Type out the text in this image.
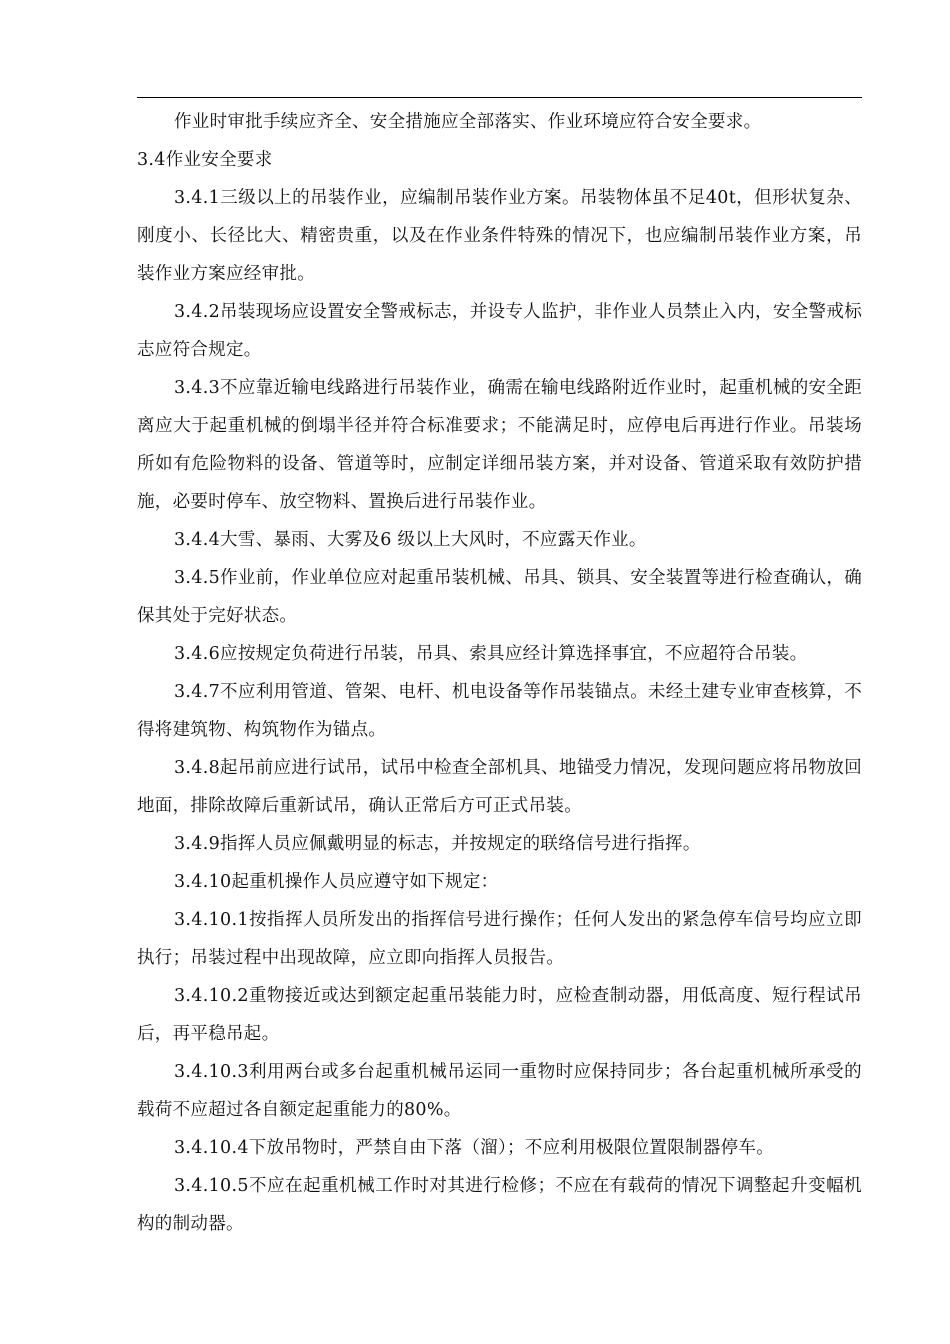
作业时审批手续应齐全、安全措施应全部落实、作业环境应符合安全要求。

3.4作业安全要求

3.4.1三级以上的吊装作业，应编制吊装作业方案。吊装物体虽不足40t，但形状复杂、刚度小、长径比大、精密贵重，以及在作业条件特殊的情况下，也应编制吊装作业方案，吊装作业方案应经审批。

3.4.2吊装现场应设置安全警戒标志，并设专人监护，非作业人员禁止入内，安全警戒标志应符合规定。

3.4.3不应靠近输电线路进行吊装作业，确需在输电线路附近作业时，起重机械的安全距离应大于起重机械的倒塌半径并符合标准要求；不能满足时，应停电后再进行作业。吊装场所如有危险物料的设备、管道等时，应制定详细吊装方案，并对设备、管道采取有效防护措施，必要时停车、放空物料、置换后进行吊装作业。

3.4.4大雪、暴雨、大雾及6 级以上大风时，不应露天作业。

3.4.5作业前，作业单位应对起重吊装机械、吊具、锁具、安全装置等进行检查确认，确保其处于完好状态。

3.4.6应按规定负荷进行吊装，吊具、索具应经计算选择事宜，不应超符合吊装。

3.4.7不应利用管道、管架、电杆、机电设备等作吊装锚点。未经土建专业审查核算，不得将建筑物、构筑物作为锚点。

3.4.8起吊前应进行试吊，试吊中检查全部机具、地锚受力情况，发现问题应将吊物放回地面，排除故障后重新试吊，确认正常后方可正式吊装。

3.4.9指挥人员应佩戴明显的标志，并按规定的联络信号进行指挥。

3.4.10起重机操作人员应遵守如下规定：

3.4.10.1按指挥人员所发出的指挥信号进行操作；任何人发出的紧急停车信号均应立即执行；吊装过程中出现故障，应立即向指挥人员报告。

3.4.10.2重物接近或达到额定起重吊装能力时，应检查制动器，用低高度、短行程试吊后，再平稳吊起。

3.4.10.3利用两台或多台起重机械吊运同一重物时应保持同步；各台起重机械所承受的载荷不应超过各自额定起重能力的80%。

3.4.10.4下放吊物时，严禁自由下落（溜）；不应利用极限位置限制器停车。

3.4.10.5不应在起重机械工作时对其进行检修；不应在有载荷的情况下调整起升变幅机构的制动器。
